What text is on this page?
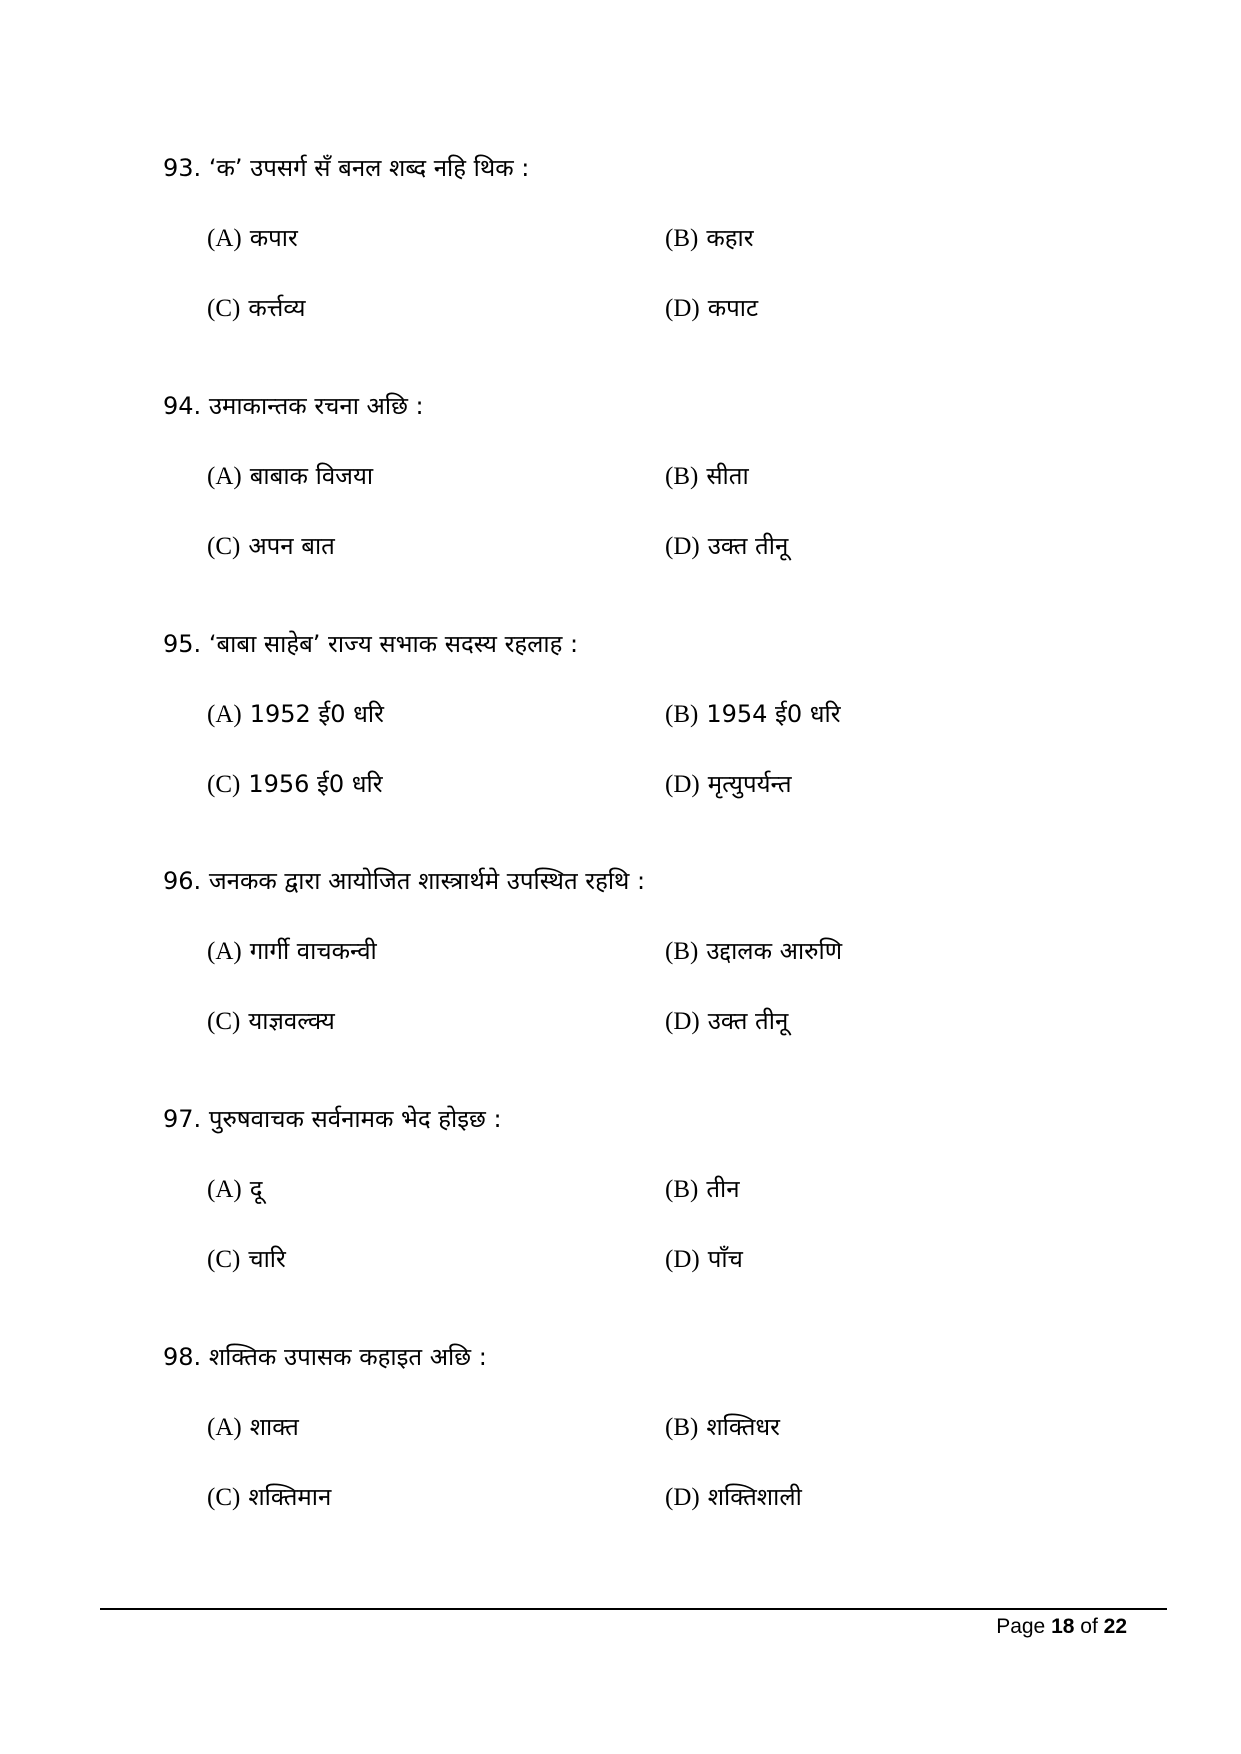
93. ‘क’ उपसर्ग सँ बनल शब्द नहि थिक :
(A) कपार	(B) कहार
(C) कर्त्तव्य	(D) कपाट
94. उमाकान्तक रचना अछि :
(A) बाबाक विजया	(B) सीता
(C) अपन बात	(D) उक्त तीनू
95. ‘बाबा साहेब’ राज्य सभाक सदस्य रहलाह :
(A) 1952 ई0 धरि	(B) 1954 ई0 धरि
(C) 1956 ई0 धरि	(D) मृत्युपर्यन्त
96. जनकक द्वारा आयोजित शास्त्रार्थमे उपस्थित रहथि :
(A) गार्गी वाचकन्वी	(B) उद्दालक आरुणि
(C) याज्ञवल्क्य	(D) उक्त तीनू
97. पुरुषवाचक सर्वनामक भेद होइछ :
(A) दू	(B) तीन
(C) चारि	(D) पाँच
98. शक्तिक उपासक कहाइत अछि :
(A) शाक्त	(B) शक्तिधर
(C) शक्तिमान	(D) शक्तिशाली
Page 18 of 22
